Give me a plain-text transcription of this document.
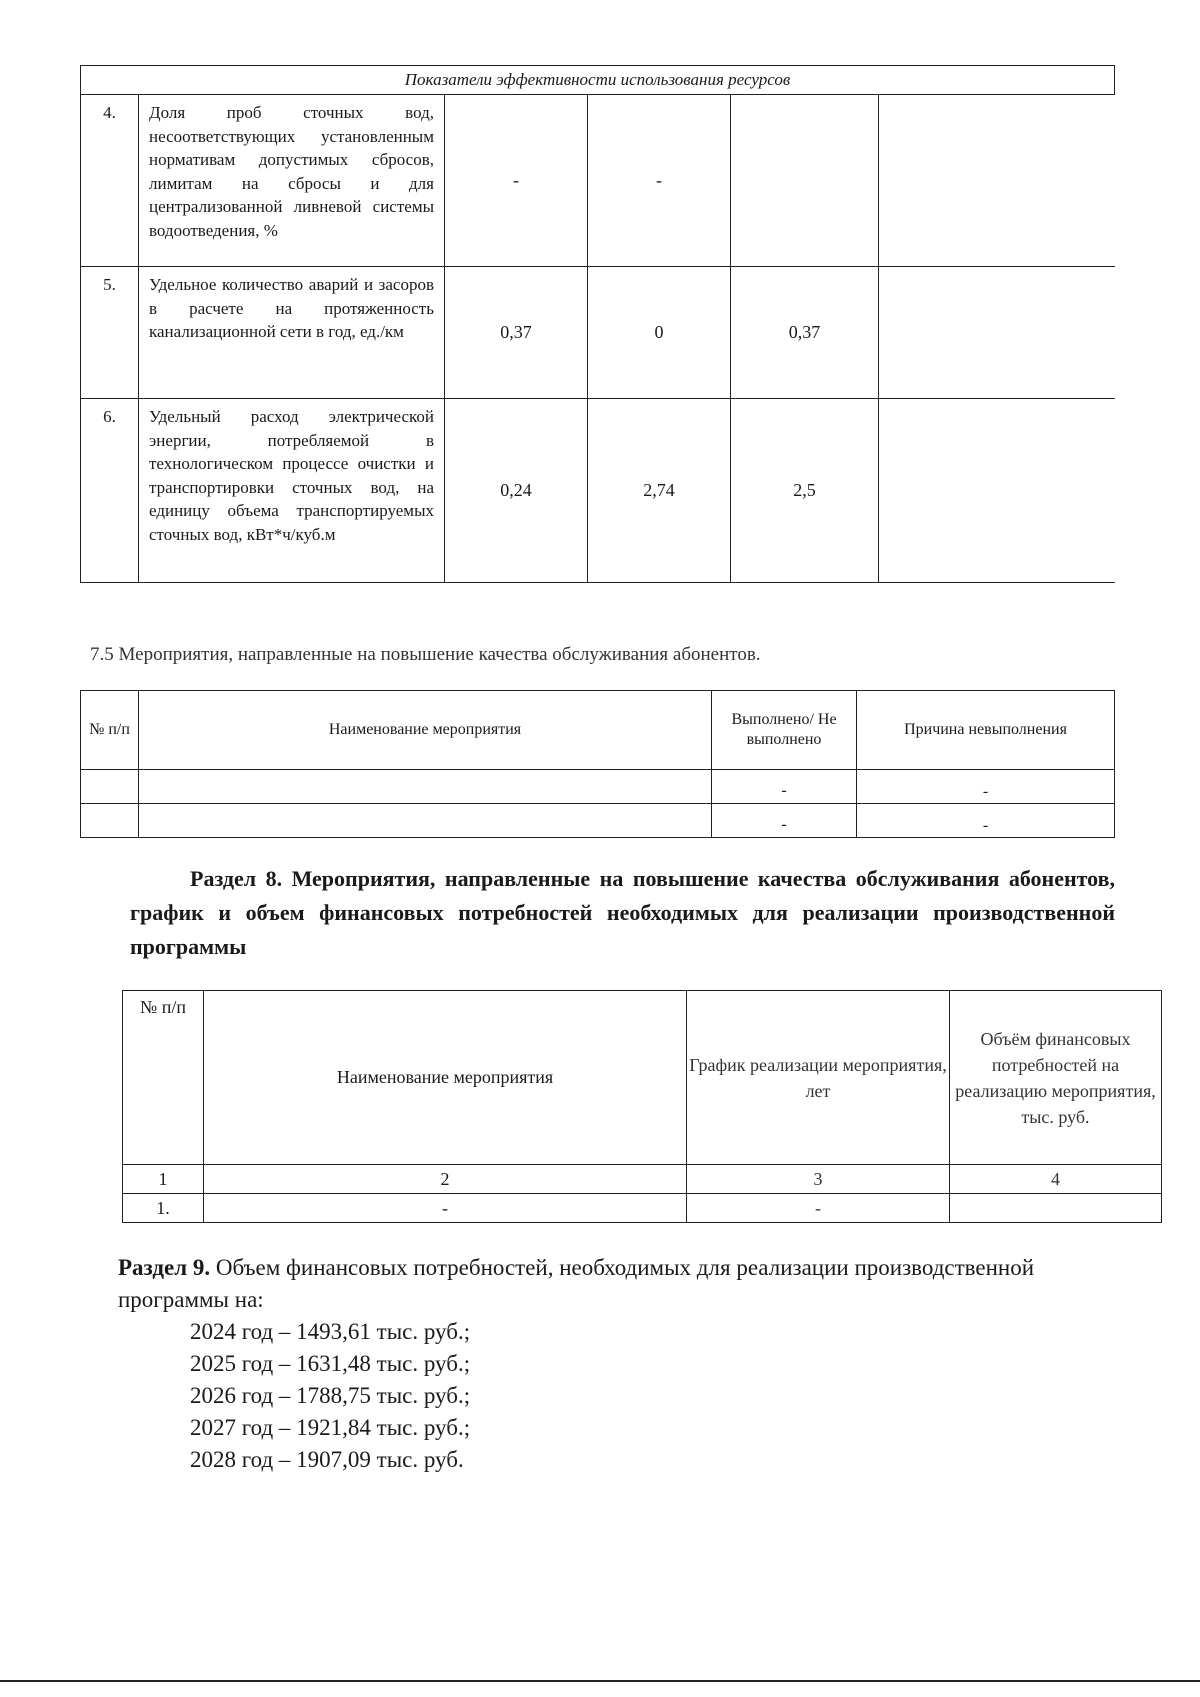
Показатели эффективности использования ресурсов					
4.	Доля проб сточных вод, несоответствующих установленным нормативам допустимых сбросов, лимитам на сбросы и для централизованной ливневой системы водоотведения, %	-	-		
5.	Удельное количество аварий и засоров в расчете на протяженность канализационной сети в год, ед./км	0,37	0	0,37	
6.	Удельный расход электрической энергии, потребляемой в технологическом процессе очистки и транспортировки сточных вод, на единицу объема транспортируемых сточных вод, кВт*ч/куб.м	0,24	2,74	2,5	
7.5 Мероприятия, направленные на повышение качества обслуживания абонентов.
№ п/п	Наименование мероприятия	Выполнено/ Не выполнено	Причина невыполнения
		-	-
		-	-
Раздел 8. Мероприятия, направленные на повышение качества обслуживания абонентов, график и объем финансовых потребностей необходимых для реализации производственной программы
№ п/п	Наименование мероприятия	График реализации мероприятия, лет	Объём финансовых потребностей на реализацию мероприятия, тыс. руб.
1	2	3	4
1.	-	-	
Раздел 9. Объем финансовых потребностей, необходимых для реализации производственной программы на:
2024 год – 1493,61 тыс. руб.;
2025 год – 1631,48 тыс. руб.;
2026 год – 1788,75 тыс. руб.;
2027 год – 1921,84 тыс. руб.;
2028 год – 1907,09 тыс. руб.
